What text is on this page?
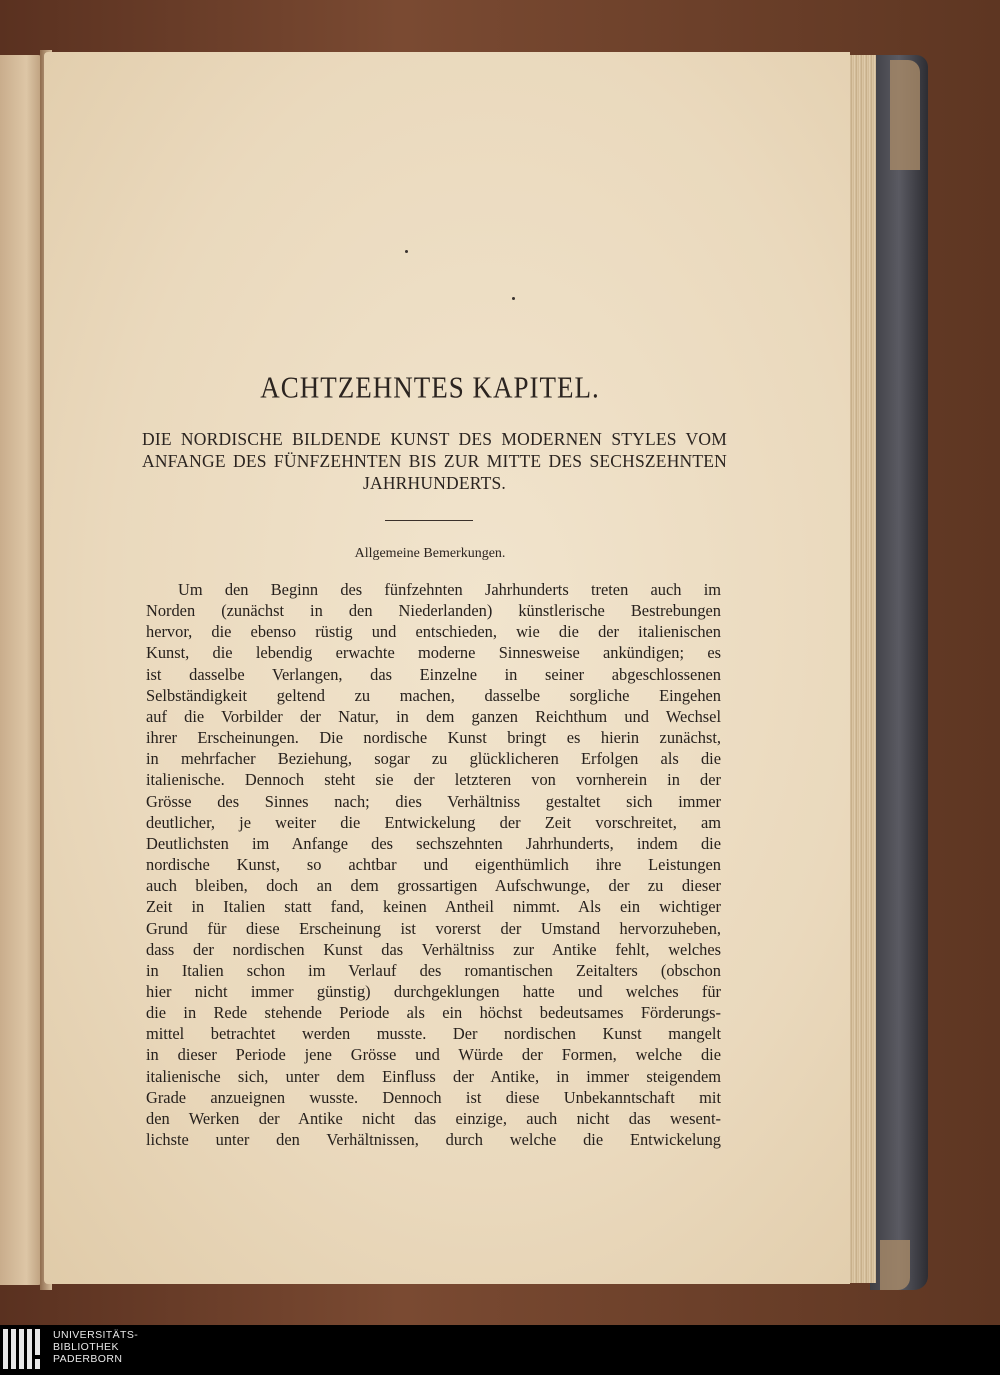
ACHTZEHNTES KAPITEL.
DIE NORDISCHE BILDENDE KUNST DES MODERNEN STYLES VOM
ANFANGE DES FÜNFZEHNTEN BIS ZUR MITTE DES SECHSZEHNTEN
JAHRHUNDERTS.
Allgemeine Bemerkungen.
Um den Beginn des fünfzehnten Jahrhunderts treten auch im
Norden (zunächst in den Niederlanden) künstlerische Bestrebungen
hervor, die ebenso rüstig und entschieden, wie die der italienischen
Kunst, die lebendig erwachte moderne Sinnesweise ankündigen; es
ist dasselbe Verlangen, das Einzelne in seiner abgeschlossenen
Selbständigkeit geltend zu machen, dasselbe sorgliche Eingehen
auf die Vorbilder der Natur, in dem ganzen Reichthum und Wechsel
ihrer Erscheinungen. Die nordische Kunst bringt es hierin zunächst,
in mehrfacher Beziehung, sogar zu glücklicheren Erfolgen als die
italienische. Dennoch steht sie der letzteren von vornherein in der
Grösse des Sinnes nach; dies Verhältniss gestaltet sich immer
deutlicher, je weiter die Entwickelung der Zeit vorschreitet, am
Deutlichsten im Anfange des sechszehnten Jahrhunderts, indem die
nordische Kunst, so achtbar und eigenthümlich ihre Leistungen
auch bleiben, doch an dem grossartigen Aufschwunge, der zu dieser
Zeit in Italien statt fand, keinen Antheil nimmt. Als ein wichtiger
Grund für diese Erscheinung ist vorerst der Umstand hervorzuheben,
dass der nordischen Kunst das Verhältniss zur Antike fehlt, welches
in Italien schon im Verlauf des romantischen Zeitalters (obschon
hier nicht immer günstig) durchgeklungen hatte und welches für
die in Rede stehende Periode als ein höchst bedeutsames Förderungs-
mittel betrachtet werden musste. Der nordischen Kunst mangelt
in dieser Periode jene Grösse und Würde der Formen, welche die
italienische sich, unter dem Einfluss der Antike, in immer steigendem
Grade anzueignen wusste. Dennoch ist diese Unbekanntschaft mit
den Werken der Antike nicht das einzige, auch nicht das wesent-
lichste unter den Verhältnissen, durch welche die Entwickelung
UNIVERSITÄTS-
BIBLIOTHEK
PADERBORN
